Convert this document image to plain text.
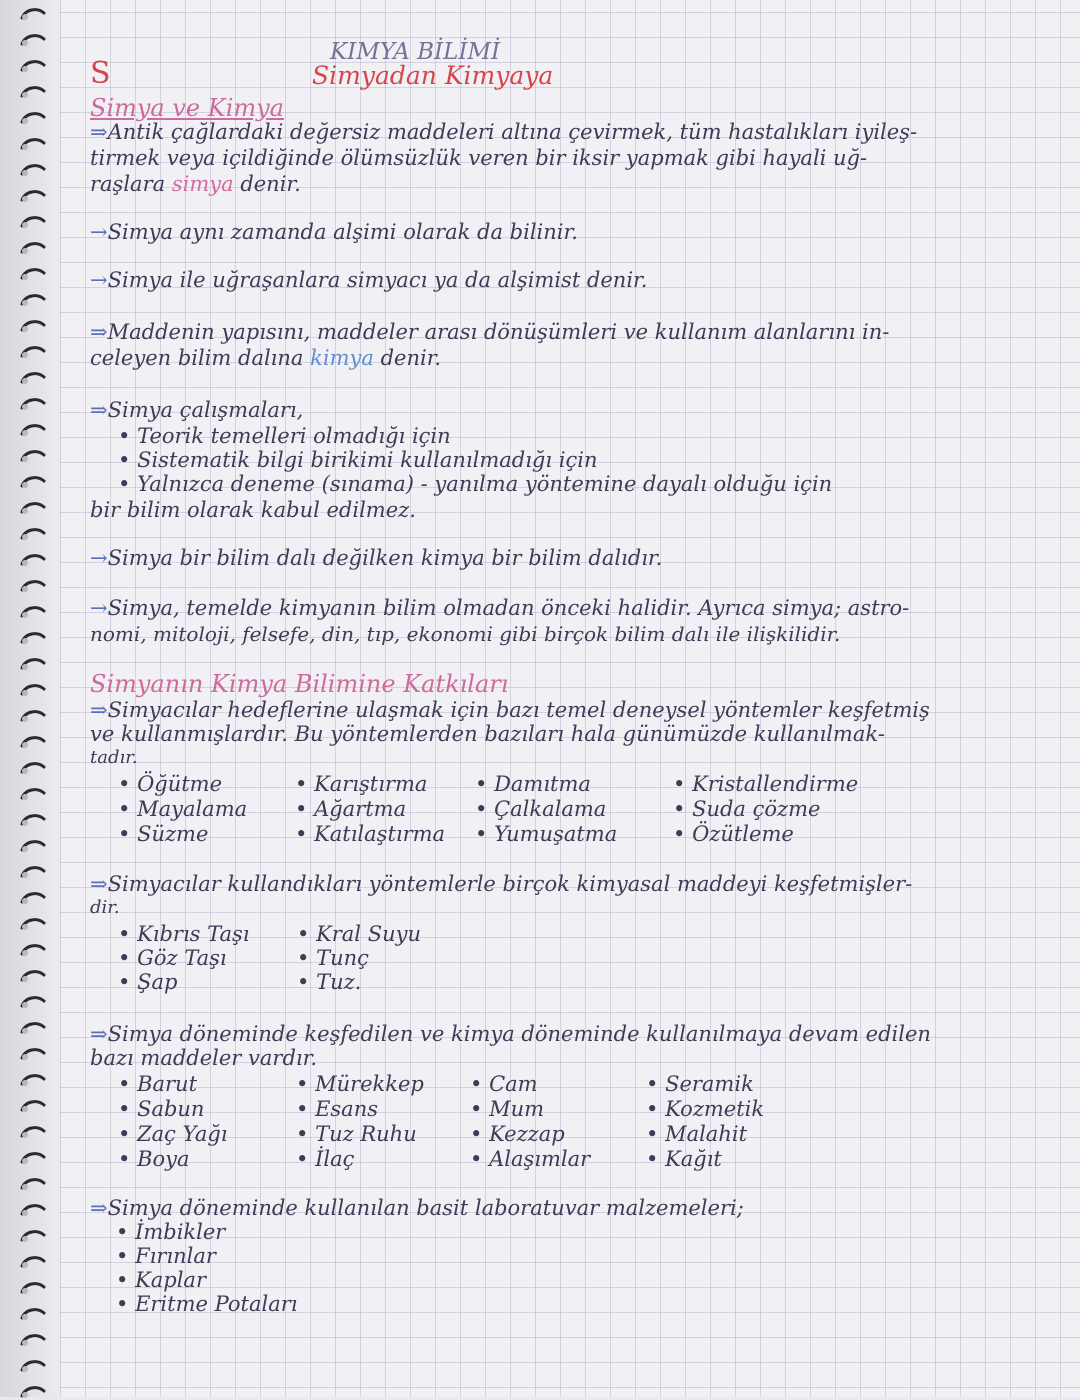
KIMYA BİLİMİ
S	Simyadan Kimyaya
Simya ve Kimya
⇒Antik çağlardaki değersiz maddeleri altına çevirmek, tüm hastalıkları iyileş-
tirmek veya içildiğinde ölümsüzlük veren bir iksir yapmak gibi hayali uğ-
raşlara simya denir.
→Simya aynı zamanda alşimi olarak da bilinir.
→Simya ile uğraşanlara simyacı ya da alşimist denir.
⇒Maddenin yapısını, maddeler arası dönüşümleri ve kullanım alanlarını in-
celeyen bilim dalına kimya denir.
⇒Simya çalışmaları,
• Teorik temelleri olmadığı için
• Sistematik bilgi birikimi kullanılmadığı için
• Yalnızca deneme (sınama) - yanılma yöntemine dayalı olduğu için
bir bilim olarak kabul edilmez.
→Simya bir bilim dalı değilken kimya bir bilim dalıdır.
→Simya, temelde kimyanın bilim olmadan önceki halidir. Ayrıca simya; astro-
nomi, mitoloji, felsefe, din, tıp, ekonomi gibi birçok bilim dalı ile ilişkilidir.
Simyanın Kimya Bilimine Katkıları
⇒Simyacılar hedeflerine ulaşmak için bazı temel deneysel yöntemler keşfetmiş
ve kullanmışlardır. Bu yöntemlerden bazıları hala günümüzde kullanılmak-
tadır.
• Öğütme
• Mayalama
• Süzme
• Karıştırma
• Ağartma
• Katılaştırma
• Damıtma
• Çalkalama
• Yumuşatma
• Kristallendirme
• Suda çözme
• Özütleme
⇒Simyacılar kullandıkları yöntemlerle birçok kimyasal maddeyi keşfetmişler-
dir.
• Kıbrıs Taşı
• Göz Taşı
• Şap
• Kral Suyu
• Tunç
• Tuz.
⇒Simya döneminde keşfedilen ve kimya döneminde kullanılmaya devam edilen
bazı maddeler vardır.
• Barut
• Sabun
• Zaç Yağı
• Boya
• Mürekkep
• Esans
• Tuz Ruhu
• İlaç
• Cam
• Mum
• Kezzap
• Alaşımlar
• Seramik
• Kozmetik
• Malahit
• Kağıt
⇒Simya döneminde kullanılan basit laboratuvar malzemeleri;
• İmbikler
• Fırınlar
• Kaplar
• Eritme Potaları
